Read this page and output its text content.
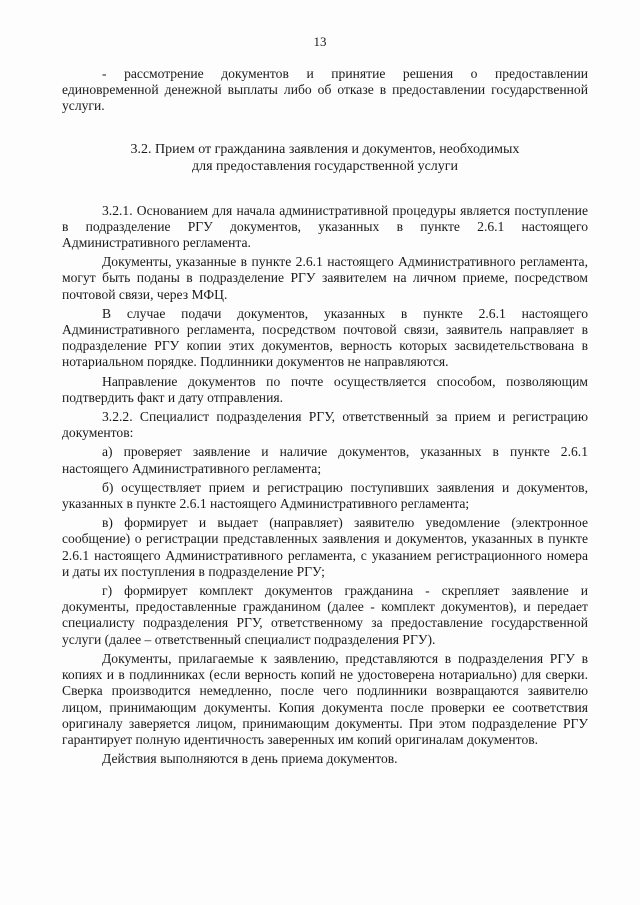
13

- рассмотрение документов и принятие решения о предоставлении единовременной денежной выплаты либо об отказе в предоставлении государственной услуги.

3.2. Прием от гражданина заявления и документов, необходимых
для предоставления государственной услуги

3.2.1. Основанием для начала административной процедуры является поступление в подразделение РГУ документов, указанных в пункте 2.6.1 настоящего Административного регламента.

Документы, указанные в пункте 2.6.1 настоящего Административного регламента, могут быть поданы в подразделение РГУ заявителем на личном приеме, посредством почтовой связи, через МФЦ.

В случае подачи документов, указанных в пункте 2.6.1 настоящего Административного регламента, посредством почтовой связи, заявитель направляет в подразделение РГУ копии этих документов, верность которых засвидетельствована в нотариальном порядке. Подлинники документов не направляются.

Направление документов по почте осуществляется способом, позволяющим подтвердить факт и дату отправления.

3.2.2. Специалист подразделения РГУ, ответственный за прием и регистрацию документов:

а) проверяет заявление и наличие документов, указанных в пункте 2.6.1 настоящего Административного регламента;

б) осуществляет прием и регистрацию поступивших заявления и документов, указанных в пункте 2.6.1 настоящего Административного регламента;

в) формирует и выдает (направляет) заявителю уведомление (электронное сообщение) о регистрации представленных заявления и документов, указанных в пункте 2.6.1 настоящего Административного регламента, с указанием регистрационного номера и даты их поступления в подразделение РГУ;

г) формирует комплект документов гражданина - скрепляет заявление и документы, предоставленные гражданином (далее - комплект документов), и передает специалисту подразделения РГУ, ответственному за предоставление государственной услуги (далее – ответственный специалист подразделения РГУ).

Документы, прилагаемые к заявлению, представляются в подразделения РГУ в копиях и в подлинниках (если верность копий не удостоверена нотариально) для сверки. Сверка производится немедленно, после чего подлинники возвращаются заявителю лицом, принимающим документы. Копия документа после проверки ее соответствия оригиналу заверяется лицом, принимающим документы. При этом подразделение РГУ гарантирует полную идентичность заверенных им копий оригиналам документов.

Действия выполняются в день приема документов.
